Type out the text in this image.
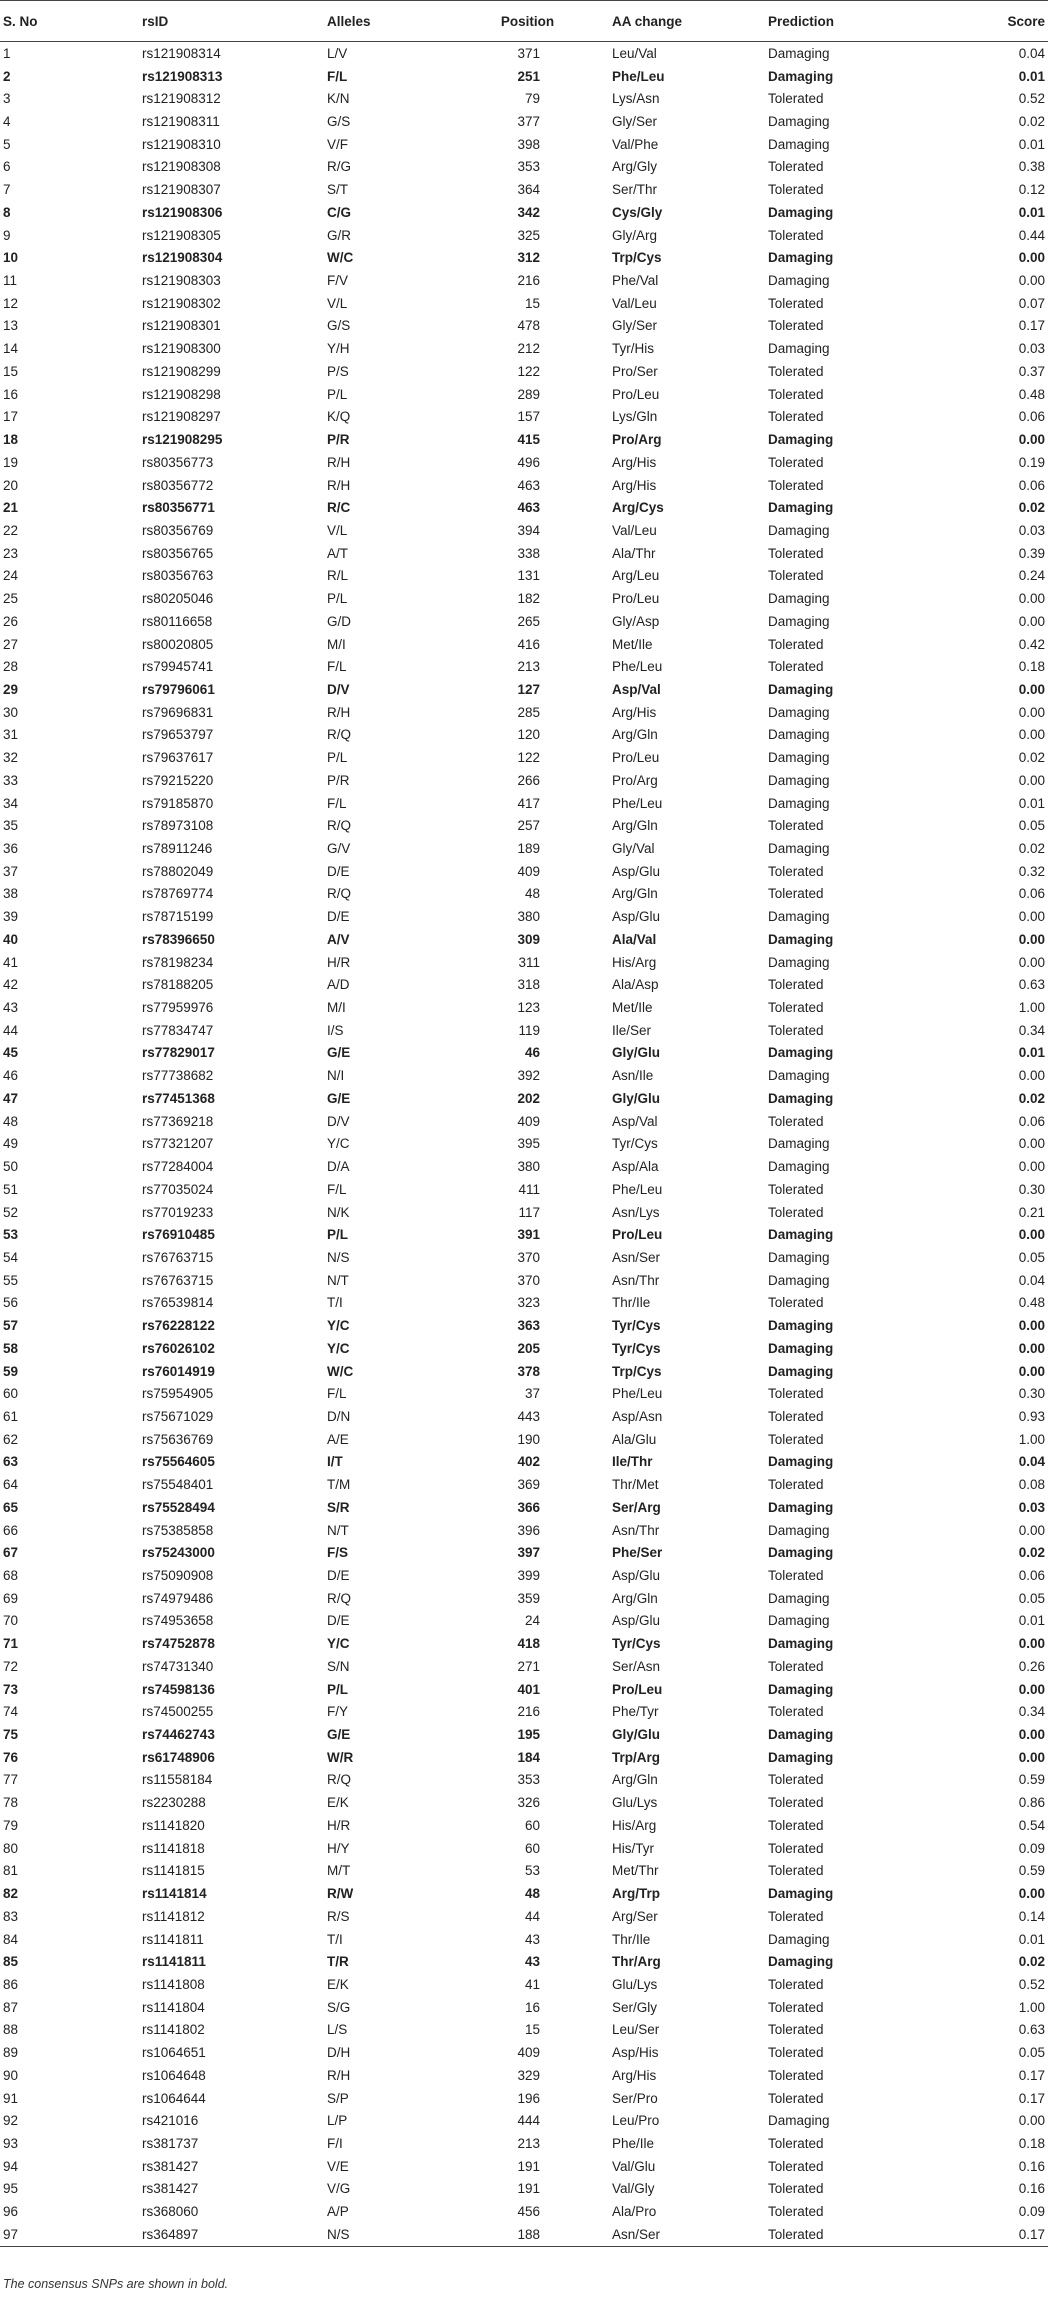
S. No	rsID	Alleles	Position	AA change	Prediction	Score
1	rs121908314	L/V	371	Leu/Val	Damaging	0.04
2	rs121908313	F/L	251	Phe/Leu	Damaging	0.01
3	rs121908312	K/N	79	Lys/Asn	Tolerated	0.52
4	rs121908311	G/S	377	Gly/Ser	Damaging	0.02
5	rs121908310	V/F	398	Val/Phe	Damaging	0.01
6	rs121908308	R/G	353	Arg/Gly	Tolerated	0.38
7	rs121908307	S/T	364	Ser/Thr	Tolerated	0.12
8	rs121908306	C/G	342	Cys/Gly	Damaging	0.01
9	rs121908305	G/R	325	Gly/Arg	Tolerated	0.44
10	rs121908304	W/C	312	Trp/Cys	Damaging	0.00
11	rs121908303	F/V	216	Phe/Val	Damaging	0.00
12	rs121908302	V/L	15	Val/Leu	Tolerated	0.07
13	rs121908301	G/S	478	Gly/Ser	Tolerated	0.17
14	rs121908300	Y/H	212	Tyr/His	Damaging	0.03
15	rs121908299	P/S	122	Pro/Ser	Tolerated	0.37
16	rs121908298	P/L	289	Pro/Leu	Tolerated	0.48
17	rs121908297	K/Q	157	Lys/Gln	Tolerated	0.06
18	rs121908295	P/R	415	Pro/Arg	Damaging	0.00
19	rs80356773	R/H	496	Arg/His	Tolerated	0.19
20	rs80356772	R/H	463	Arg/His	Tolerated	0.06
21	rs80356771	R/C	463	Arg/Cys	Damaging	0.02
22	rs80356769	V/L	394	Val/Leu	Damaging	0.03
23	rs80356765	A/T	338	Ala/Thr	Tolerated	0.39
24	rs80356763	R/L	131	Arg/Leu	Tolerated	0.24
25	rs80205046	P/L	182	Pro/Leu	Damaging	0.00
26	rs80116658	G/D	265	Gly/Asp	Damaging	0.00
27	rs80020805	M/I	416	Met/Ile	Tolerated	0.42
28	rs79945741	F/L	213	Phe/Leu	Tolerated	0.18
29	rs79796061	D/V	127	Asp/Val	Damaging	0.00
30	rs79696831	R/H	285	Arg/His	Damaging	0.00
31	rs79653797	R/Q	120	Arg/Gln	Damaging	0.00
32	rs79637617	P/L	122	Pro/Leu	Damaging	0.02
33	rs79215220	P/R	266	Pro/Arg	Damaging	0.00
34	rs79185870	F/L	417	Phe/Leu	Damaging	0.01
35	rs78973108	R/Q	257	Arg/Gln	Tolerated	0.05
36	rs78911246	G/V	189	Gly/Val	Damaging	0.02
37	rs78802049	D/E	409	Asp/Glu	Tolerated	0.32
38	rs78769774	R/Q	48	Arg/Gln	Tolerated	0.06
39	rs78715199	D/E	380	Asp/Glu	Damaging	0.00
40	rs78396650	A/V	309	Ala/Val	Damaging	0.00
41	rs78198234	H/R	311	His/Arg	Damaging	0.00
42	rs78188205	A/D	318	Ala/Asp	Tolerated	0.63
43	rs77959976	M/I	123	Met/Ile	Tolerated	1.00
44	rs77834747	I/S	119	Ile/Ser	Tolerated	0.34
45	rs77829017	G/E	46	Gly/Glu	Damaging	0.01
46	rs77738682	N/I	392	Asn/Ile	Damaging	0.00
47	rs77451368	G/E	202	Gly/Glu	Damaging	0.02
48	rs77369218	D/V	409	Asp/Val	Tolerated	0.06
49	rs77321207	Y/C	395	Tyr/Cys	Damaging	0.00
50	rs77284004	D/A	380	Asp/Ala	Damaging	0.00
51	rs77035024	F/L	411	Phe/Leu	Tolerated	0.30
52	rs77019233	N/K	117	Asn/Lys	Tolerated	0.21
53	rs76910485	P/L	391	Pro/Leu	Damaging	0.00
54	rs76763715	N/S	370	Asn/Ser	Damaging	0.05
55	rs76763715	N/T	370	Asn/Thr	Damaging	0.04
56	rs76539814	T/I	323	Thr/Ile	Tolerated	0.48
57	rs76228122	Y/C	363	Tyr/Cys	Damaging	0.00
58	rs76026102	Y/C	205	Tyr/Cys	Damaging	0.00
59	rs76014919	W/C	378	Trp/Cys	Damaging	0.00
60	rs75954905	F/L	37	Phe/Leu	Tolerated	0.30
61	rs75671029	D/N	443	Asp/Asn	Tolerated	0.93
62	rs75636769	A/E	190	Ala/Glu	Tolerated	1.00
63	rs75564605	I/T	402	Ile/Thr	Damaging	0.04
64	rs75548401	T/M	369	Thr/Met	Tolerated	0.08
65	rs75528494	S/R	366	Ser/Arg	Damaging	0.03
66	rs75385858	N/T	396	Asn/Thr	Damaging	0.00
67	rs75243000	F/S	397	Phe/Ser	Damaging	0.02
68	rs75090908	D/E	399	Asp/Glu	Tolerated	0.06
69	rs74979486	R/Q	359	Arg/Gln	Damaging	0.05
70	rs74953658	D/E	24	Asp/Glu	Damaging	0.01
71	rs74752878	Y/C	418	Tyr/Cys	Damaging	0.00
72	rs74731340	S/N	271	Ser/Asn	Tolerated	0.26
73	rs74598136	P/L	401	Pro/Leu	Damaging	0.00
74	rs74500255	F/Y	216	Phe/Tyr	Tolerated	0.34
75	rs74462743	G/E	195	Gly/Glu	Damaging	0.00
76	rs61748906	W/R	184	Trp/Arg	Damaging	0.00
77	rs11558184	R/Q	353	Arg/Gln	Tolerated	0.59
78	rs2230288	E/K	326	Glu/Lys	Tolerated	0.86
79	rs1141820	H/R	60	His/Arg	Tolerated	0.54
80	rs1141818	H/Y	60	His/Tyr	Tolerated	0.09
81	rs1141815	M/T	53	Met/Thr	Tolerated	0.59
82	rs1141814	R/W	48	Arg/Trp	Damaging	0.00
83	rs1141812	R/S	44	Arg/Ser	Tolerated	0.14
84	rs1141811	T/I	43	Thr/Ile	Damaging	0.01
85	rs1141811	T/R	43	Thr/Arg	Damaging	0.02
86	rs1141808	E/K	41	Glu/Lys	Tolerated	0.52
87	rs1141804	S/G	16	Ser/Gly	Tolerated	1.00
88	rs1141802	L/S	15	Leu/Ser	Tolerated	0.63
89	rs1064651	D/H	409	Asp/His	Tolerated	0.05
90	rs1064648	R/H	329	Arg/His	Tolerated	0.17
91	rs1064644	S/P	196	Ser/Pro	Tolerated	0.17
92	rs421016	L/P	444	Leu/Pro	Damaging	0.00
93	rs381737	F/I	213	Phe/Ile	Tolerated	0.18
94	rs381427	V/E	191	Val/Glu	Tolerated	0.16
95	rs381427	V/G	191	Val/Gly	Tolerated	0.16
96	rs368060	A/P	456	Ala/Pro	Tolerated	0.09
97	rs364897	N/S	188	Asn/Ser	Tolerated	0.17
The consensus SNPs are shown in bold.
